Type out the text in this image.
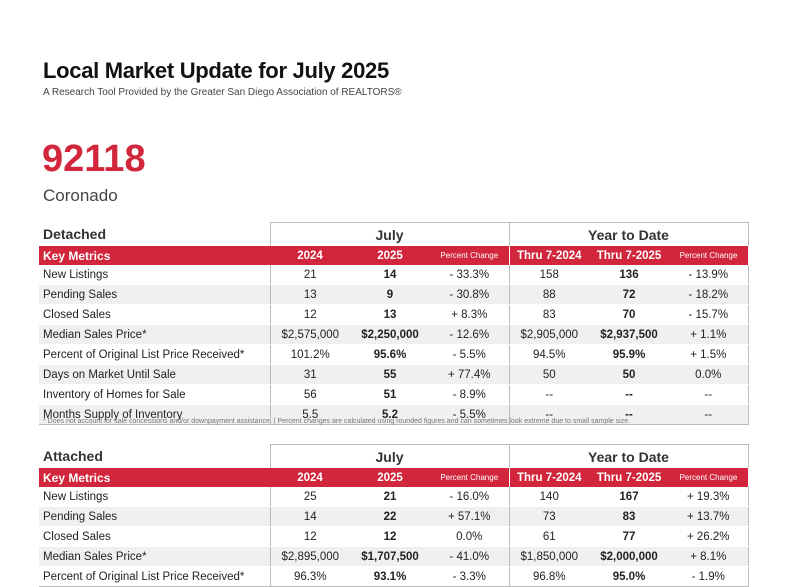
Local Market Update for July 2025
A Research Tool Provided by the Greater San Diego Association of REALTORS®
92118
Coronado
Detached	July			Year to Date		
Key Metrics	2024	2025	Percent Change	Thru 7-2024	Thru 7-2025	Percent Change
New Listings	21	14	- 33.3%	158	136	- 13.9%
Pending Sales	13	9	- 30.8%	88	72	- 18.2%
Closed Sales	12	13	+ 8.3%	83	70	- 15.7%
Median Sales Price*	$2,575,000	$2,250,000	- 12.6%	$2,905,000	$2,937,500	+ 1.1%
Percent of Original List Price Received*	101.2%	95.6%	- 5.5%	94.5%	95.9%	+ 1.5%
Days on Market Until Sale	31	55	+ 77.4%	50	50	0.0%
Inventory of Homes for Sale	56	51	- 8.9%	--	--	--
Months Supply of Inventory	5.5	5.2	- 5.5%	--	--	--
* Does not account for sale concessions and/or downpayment assistance. | Percent changes are calculated using rounded figures and can sometimes look extreme due to small sample size.
Attached	July			Year to Date		
Key Metrics	2024	2025	Percent Change	Thru 7-2024	Thru 7-2025	Percent Change
New Listings	25	21	- 16.0%	140	167	+ 19.3%
Pending Sales	14	22	+ 57.1%	73	83	+ 13.7%
Closed Sales	12	12	0.0%	61	77	+ 26.2%
Median Sales Price*	$2,895,000	$1,707,500	- 41.0%	$1,850,000	$2,000,000	+ 8.1%
Percent of Original List Price Received*	96.3%	93.1%	- 3.3%	96.8%	95.0%	- 1.9%
